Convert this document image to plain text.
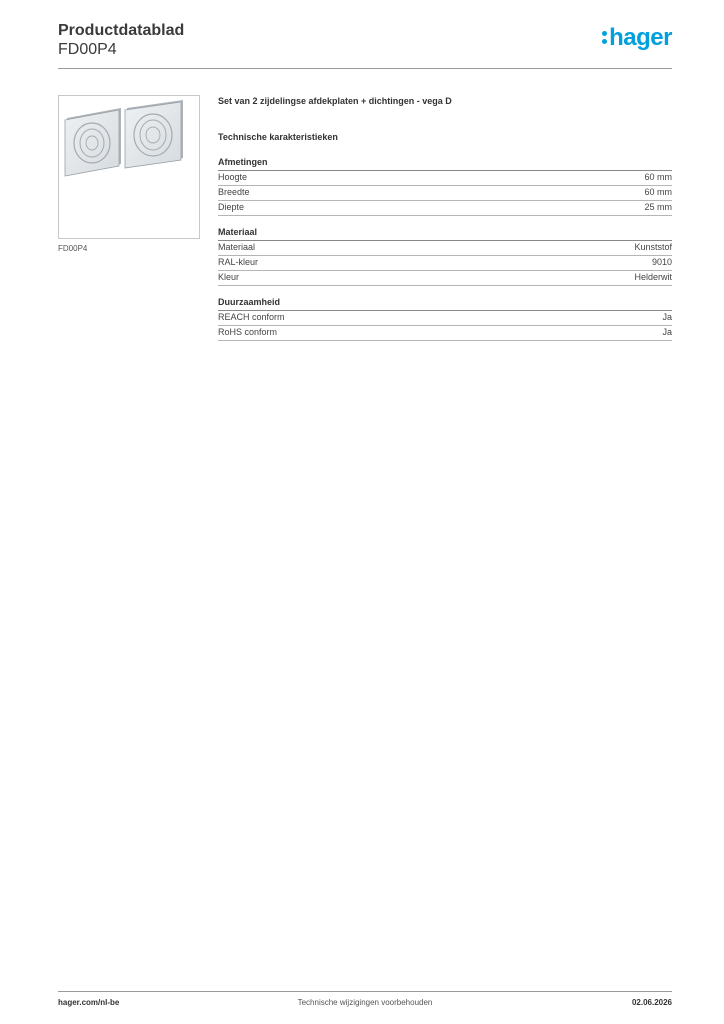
Productdatablad
FD00P4	hager
FD00P4
Set van 2 zijdelingse afdekplaten + dichtingen - vega D
Technische karakteristieken
Afmetingen
Hoogte	60 mm
Breedte	60 mm
Diepte	25 mm
Materiaal
Materiaal	Kunststof
RAL-kleur	9010
Kleur	Helderwit
Duurzaamheid
REACH conform	Ja
RoHS conform	Ja
hager.com/nl-be	Technische wijzigingen voorbehouden	02.06.2026
